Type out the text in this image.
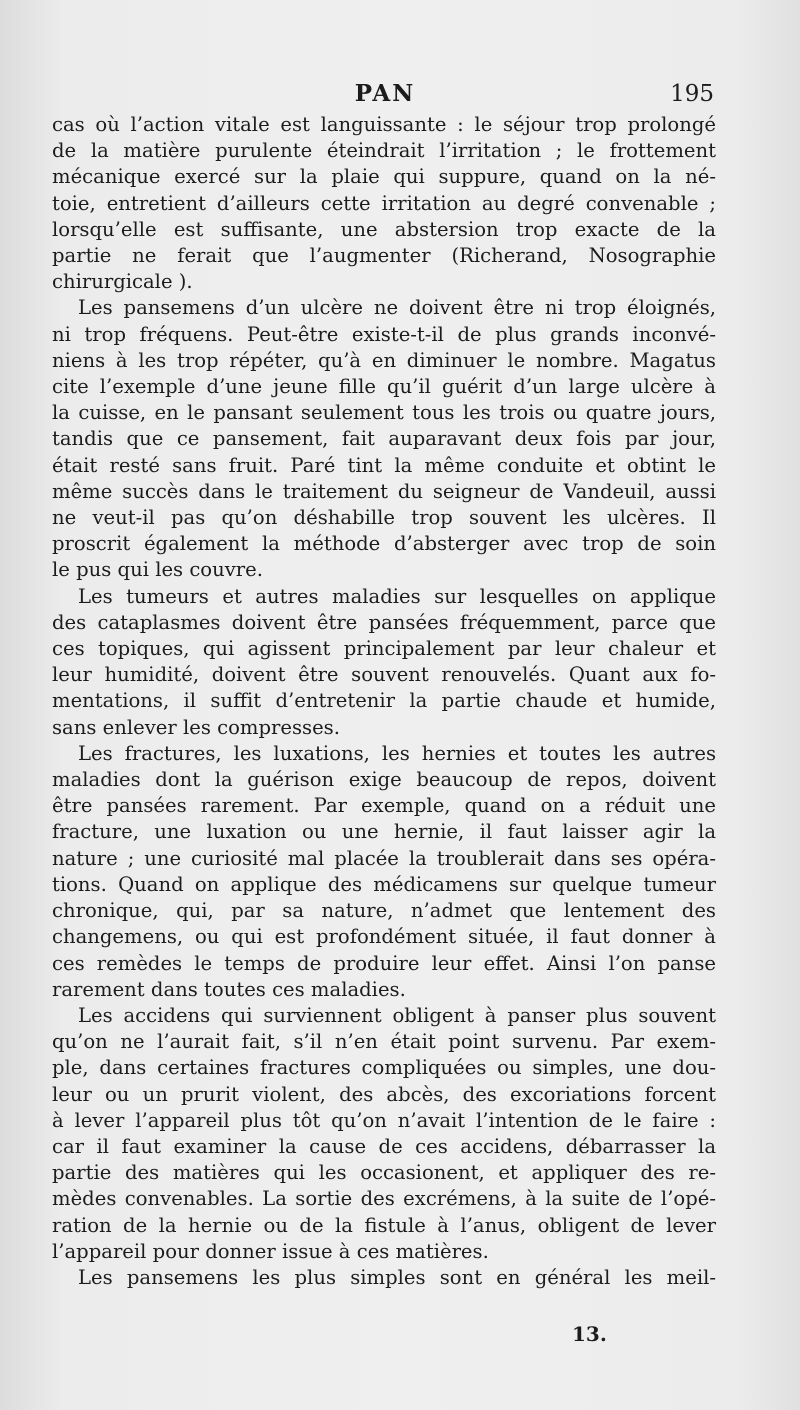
PAN	195
cas où l’action vitale est languissante : le séjour trop prolongé
de la matière purulente éteindrait l’irritation ; le frottement
mécanique exercé sur la plaie qui suppure, quand on la né-
toie, entretient d’ailleurs cette irritation au degré convenable ;
lorsqu’elle est suffisante, une abstersion trop exacte de la
partie ne ferait que l’augmenter (Richerand, Nosographie
chirurgicale ).
Les pansemens d’un ulcère ne doivent être ni trop éloignés,
ni trop fréquens. Peut-être existe-t-il de plus grands inconvé-
niens à les trop répéter, qu’à en diminuer le nombre. Magatus
cite l’exemple d’une jeune fille qu’il guérit d’un large ulcère à
la cuisse, en le pansant seulement tous les trois ou quatre jours,
tandis que ce pansement, fait auparavant deux fois par jour,
était resté sans fruit. Paré tint la même conduite et obtint le
même succès dans le traitement du seigneur de Vandeuil, aussi
ne veut-il pas qu’on déshabille trop souvent les ulcères. Il
proscrit également la méthode d’absterger avec trop de soin
le pus qui les couvre.
Les tumeurs et autres maladies sur lesquelles on applique
des cataplasmes doivent être pansées fréquemment, parce que
ces topiques, qui agissent principalement par leur chaleur et
leur humidité, doivent être souvent renouvelés. Quant aux fo-
mentations, il suffit d’entretenir la partie chaude et humide,
sans enlever les compresses.
Les fractures, les luxations, les hernies et toutes les autres
maladies dont la guérison exige beaucoup de repos, doivent
être pansées rarement. Par exemple, quand on a réduit une
fracture, une luxation ou une hernie, il faut laisser agir la
nature ; une curiosité mal placée la troublerait dans ses opéra-
tions. Quand on applique des médicamens sur quelque tumeur
chronique, qui, par sa nature, n’admet que lentement des
changemens, ou qui est profondément située, il faut donner à
ces remèdes le temps de produire leur effet. Ainsi l’on panse
rarement dans toutes ces maladies.
Les accidens qui surviennent obligent à panser plus souvent
qu’on ne l’aurait fait, s’il n’en était point survenu. Par exem-
ple, dans certaines fractures compliquées ou simples, une dou-
leur ou un prurit violent, des abcès, des excoriations forcent
à lever l’appareil plus tôt qu’on n’avait l’intention de le faire :
car il faut examiner la cause de ces accidens, débarrasser la
partie des matières qui les occasionent, et appliquer des re-
mèdes convenables. La sortie des excrémens, à la suite de l’opé-
ration de la hernie ou de la fistule à l’anus, obligent de lever
l’appareil pour donner issue à ces matières.
Les pansemens les plus simples sont en général les meil-
13.
